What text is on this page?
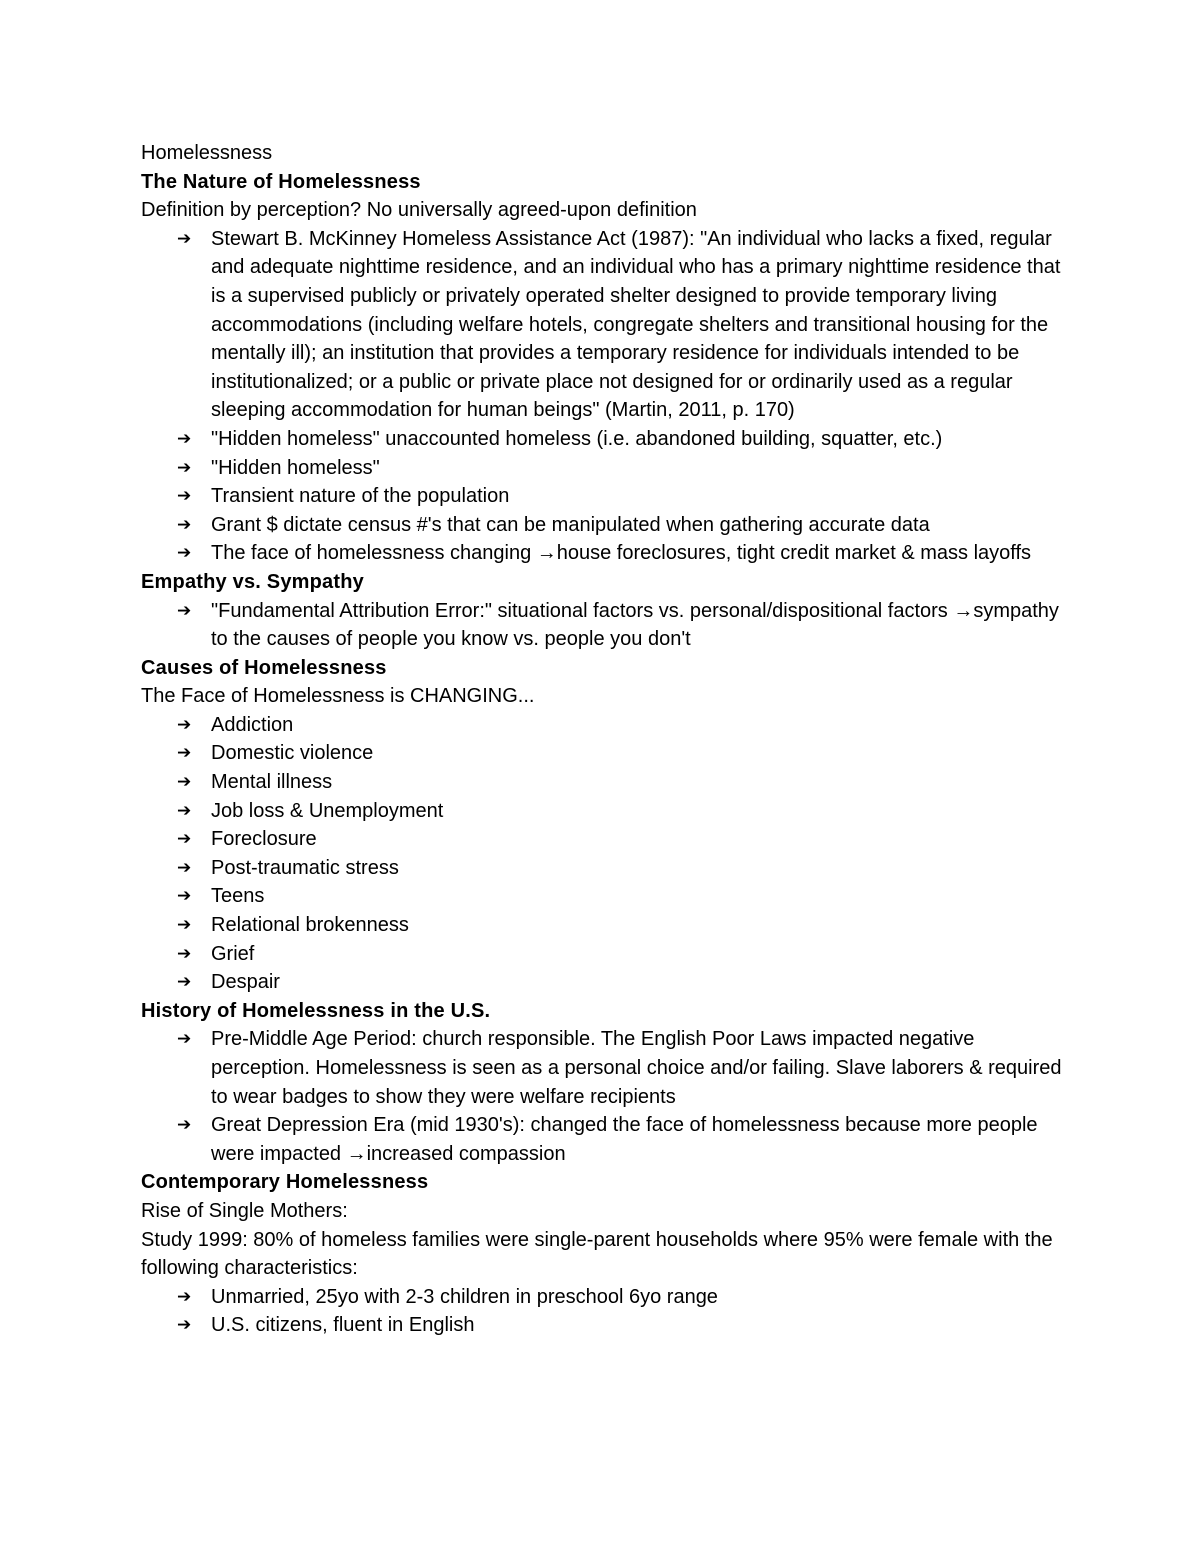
Homelessness

The Nature of Homelessness

Definition by perception? No universally agreed-upon definition

➔ Stewart B. McKinney Homeless Assistance Act (1987): "An individual who lacks a fixed, regular and adequate nighttime residence, and an individual who has a primary nighttime residence that is a supervised publicly or privately operated shelter designed to provide temporary living accommodations (including welfare hotels, congregate shelters and transitional housing for the mentally ill); an institution that provides a temporary residence for individuals intended to be institutionalized; or a public or private place not designed for or ordinarily used as a regular sleeping accommodation for human beings" (Martin, 2011, p. 170)
➔ "Hidden homeless" unaccounted homeless (i.e. abandoned building, squatter, etc.)
➔ "Hidden homeless"
➔ Transient nature of the population
➔ Grant $ dictate census #'s that can be manipulated when gathering accurate data
➔ The face of homelessness changing →house foreclosures, tight credit market & mass layoffs

Empathy vs. Sympathy

➔ "Fundamental Attribution Error:" situational factors vs. personal/dispositional factors →sympathy to the causes of people you know vs. people you don't

Causes of Homelessness

The Face of Homelessness is CHANGING...

➔ Addiction
➔ Domestic violence
➔ Mental illness
➔ Job loss & Unemployment
➔ Foreclosure
➔ Post-traumatic stress
➔ Teens
➔ Relational brokenness
➔ Grief
➔ Despair

History of Homelessness in the U.S.

➔ Pre-Middle Age Period: church responsible. The English Poor Laws impacted negative perception. Homelessness is seen as a personal choice and/or failing. Slave laborers & required to wear badges to show they were welfare recipients
➔ Great Depression Era (mid 1930's): changed the face of homelessness because more people were impacted →increased compassion

Contemporary Homelessness

Rise of Single Mothers:

Study 1999: 80% of homeless families were single-parent households where 95% were female with the following characteristics:

➔ Unmarried, 25yo with 2-3 children in preschool 6yo range
➔ U.S. citizens, fluent in English
